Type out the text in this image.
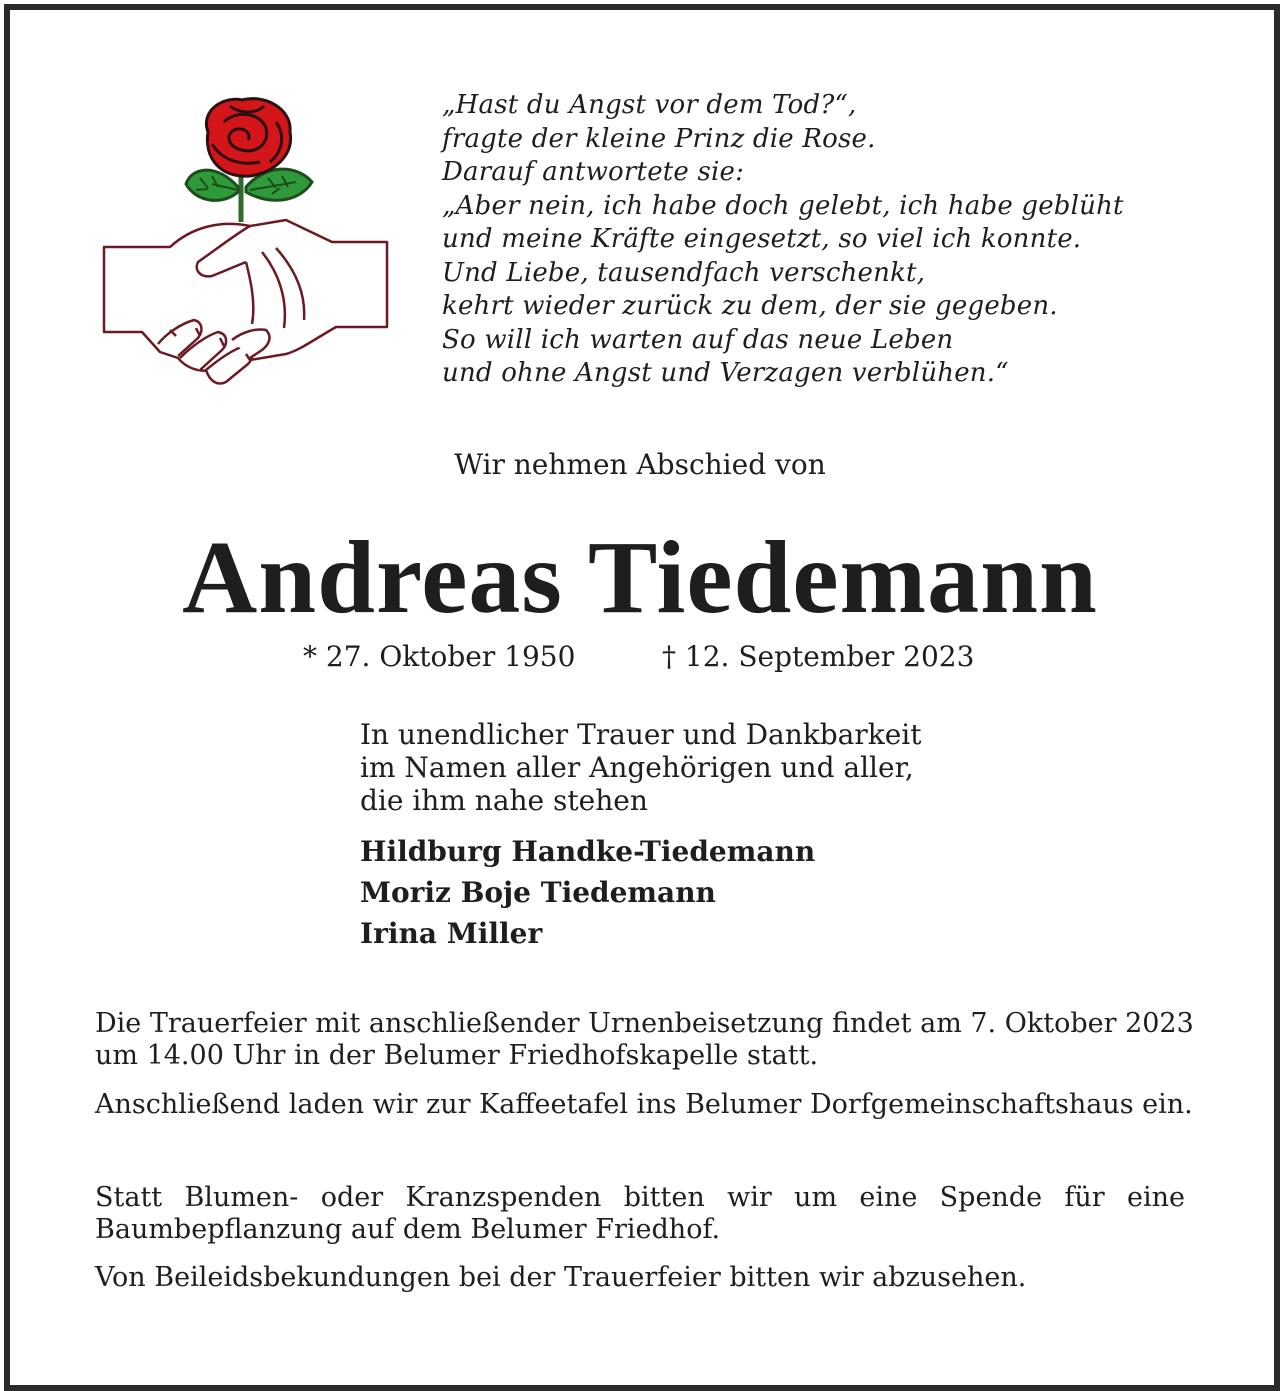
„Hast du Angst vor dem Tod?“,
fragte der kleine Prinz die Rose.
Darauf antwortete sie:
„Aber nein, ich habe doch gelebt, ich habe geblüht
und meine Kräfte eingesetzt, so viel ich konnte.
Und Liebe, tausendfach verschenkt,
kehrt wieder zurück zu dem, der sie gegeben.
So will ich warten auf das neue Leben
und ohne Angst und Verzagen verblühen.“
Wir nehmen Abschied von
Andreas Tiedemann
* 27. Oktober 1950	† 12. September 2023
In unendlicher Trauer und Dankbarkeit
im Namen aller Angehörigen und aller,
die ihm nahe stehen
Hildburg Handke-Tiedemann
Moriz Boje Tiedemann
Irina Miller
Die Trauerfeier mit anschließender Urnenbeisetzung findet am 7. Oktober 2023
um 14.00 Uhr in der Belumer Friedhofskapelle statt.
Anschließend laden wir zur Kaffeetafel ins Belumer Dorfgemeinschaftshaus ein.
Statt Blumen- oder Kranzspenden bitten wir um eine Spende für eine
Baumbepflanzung auf dem Belumer Friedhof.
Von Beileidsbekundungen bei der Trauerfeier bitten wir abzusehen.
